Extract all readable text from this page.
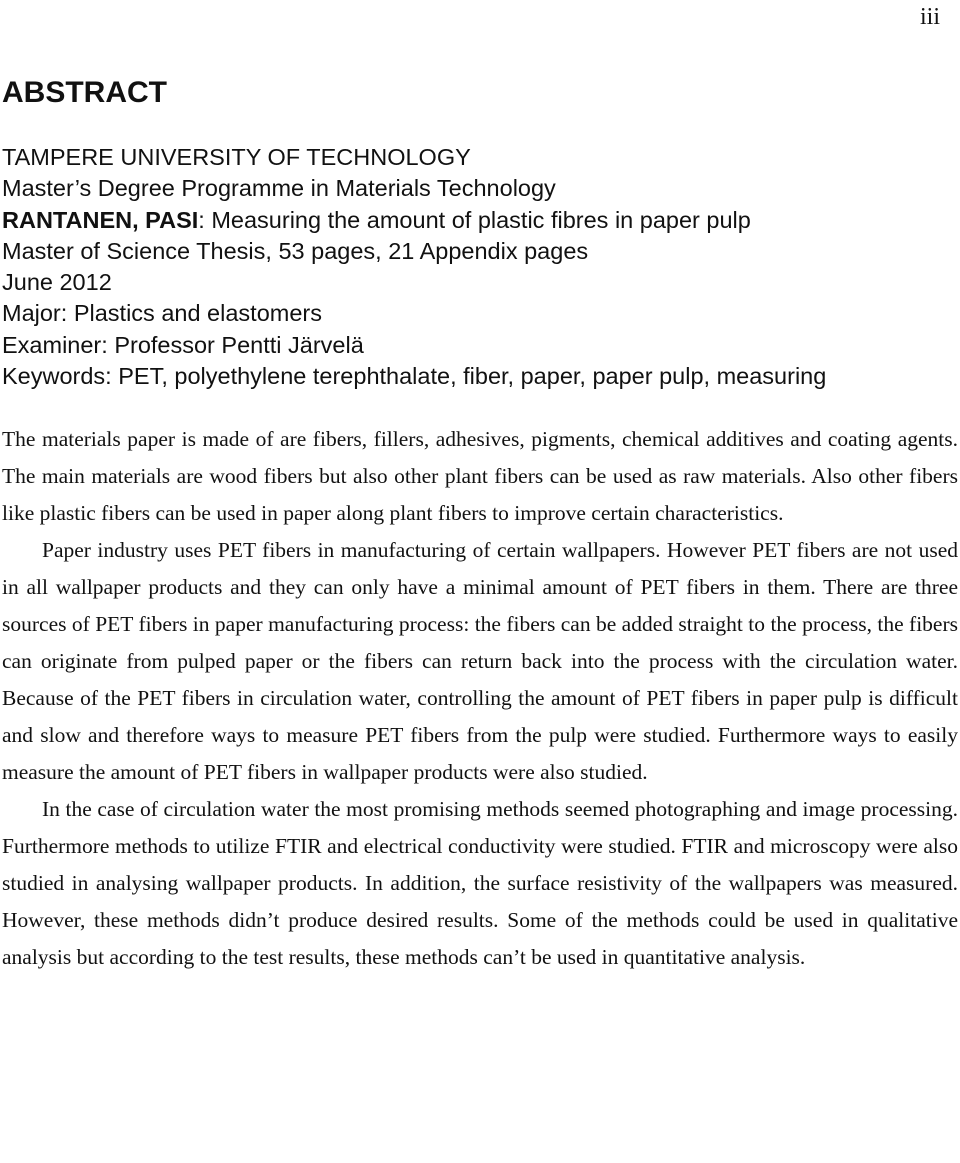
iii
ABSTRACT
TAMPERE UNIVERSITY OF TECHNOLOGY
Master’s Degree Programme in Materials Technology
RANTANEN, PASI: Measuring the amount of plastic fibres in paper pulp
Master of Science Thesis, 53 pages, 21 Appendix pages
June 2012
Major: Plastics and elastomers
Examiner: Professor Pentti Järvelä
Keywords: PET, polyethylene terephthalate, fiber, paper, paper pulp, measuring

The materials paper is made of are fibers, fillers, adhesives, pigments, chemical additives and coating agents. The main materials are wood fibers but also other plant fibers can be used as raw materials. Also other fibers like plastic fibers can be used in paper along plant fibers to improve certain characteristics.

Paper industry uses PET fibers in manufacturing of certain wallpapers. However PET fibers are not used in all wallpaper products and they can only have a minimal amount of PET fibers in them. There are three sources of PET fibers in paper manufacturing process: the fibers can be added straight to the process, the fibers can originate from pulped paper or the fibers can return back into the process with the circulation water. Because of the PET fibers in circulation water, controlling the amount of PET fibers in paper pulp is difficult and slow and therefore ways to measure PET fibers from the pulp were studied. Furthermore ways to easily measure the amount of PET fibers in wallpaper products were also studied.

In the case of circulation water the most promising methods seemed photographing and image processing. Furthermore methods to utilize FTIR and electrical conductivity were studied. FTIR and microscopy were also studied in analysing wallpaper products. In addition, the surface resistivity of the wallpapers was measured. However, these methods didn’t produce desired results. Some of the methods could be used in qualitative analysis but according to the test results, these methods can’t be used in quantitative analysis.
